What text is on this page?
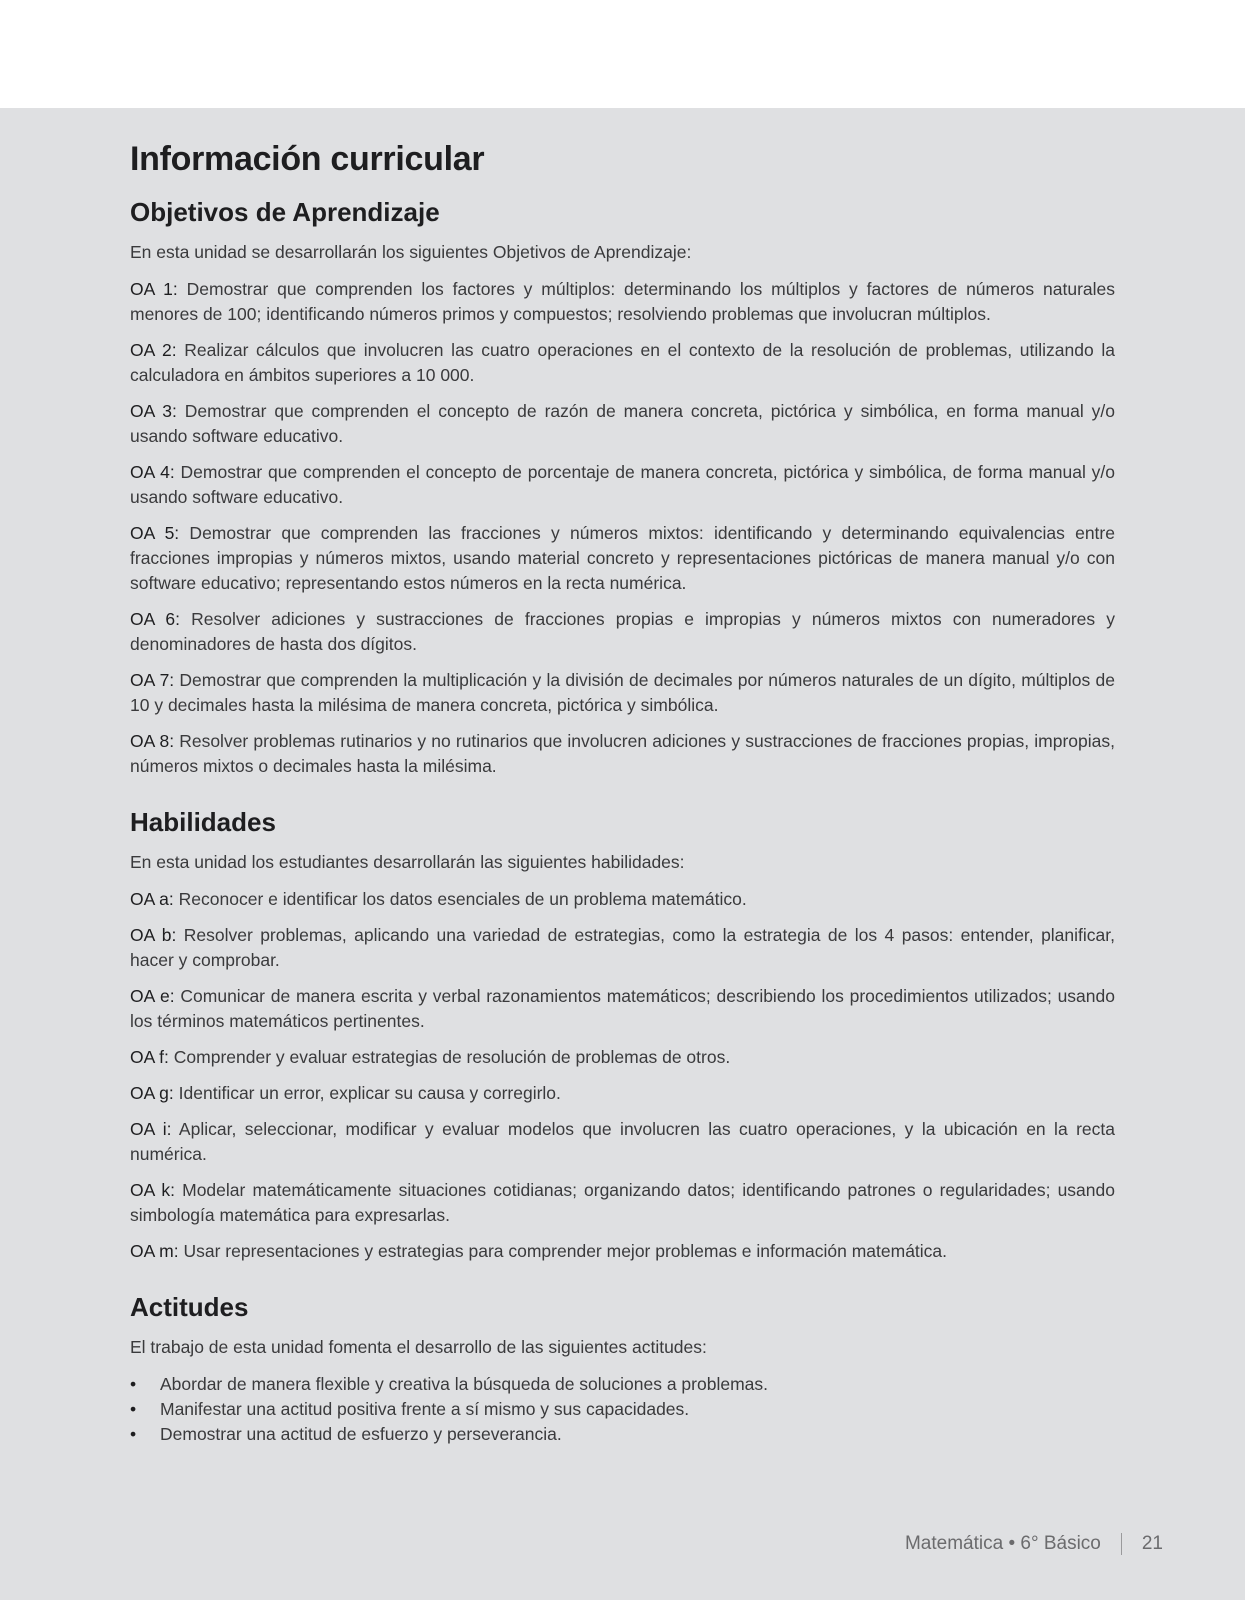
Información curricular
Objetivos de Aprendizaje

En esta unidad se desarrollarán los siguientes Objetivos de Aprendizaje:

OA 1: Demostrar que comprenden los factores y múltiplos: determinando los múltiplos y factores de números naturales menores de 100; identificando números primos y compuestos; resolviendo problemas que involucran múltiplos.

OA 2: Realizar cálculos que involucren las cuatro operaciones en el contexto de la resolución de problemas, utilizando la calculadora en ámbitos superiores a 10 000.

OA 3: Demostrar que comprenden el concepto de razón de manera concreta, pictórica y simbólica, en forma manual y/o usando software educativo.

OA 4: Demostrar que comprenden el concepto de porcentaje de manera concreta, pictórica y simbólica, de forma manual y/o usando software educativo.

OA 5: Demostrar que comprenden las fracciones y números mixtos: identificando y determinando equivalencias entre fracciones impropias y números mixtos, usando material concreto y representaciones pictóricas de manera manual y/o con software educativo; representando estos números en la recta numérica.

OA 6: Resolver adiciones y sustracciones de fracciones propias e impropias y números mixtos con numeradores y denominadores de hasta dos dígitos.

OA 7: Demostrar que comprenden la multiplicación y la división de decimales por números naturales de un dígito, múltiplos de 10 y decimales hasta la milésima de manera concreta, pictórica y simbólica.

OA 8: Resolver problemas rutinarios y no rutinarios que involucren adiciones y sustracciones de fracciones propias, impropias, números mixtos o decimales hasta la milésima.

Habilidades

En esta unidad los estudiantes desarrollarán las siguientes habilidades:

OA a: Reconocer e identificar los datos esenciales de un problema matemático.

OA b: Resolver problemas, aplicando una variedad de estrategias, como la estrategia de los 4 pasos: entender, planificar, hacer y comprobar.

OA e: Comunicar de manera escrita y verbal razonamientos matemáticos; describiendo los procedimientos utilizados; usando los términos matemáticos pertinentes.

OA f: Comprender y evaluar estrategias de resolución de problemas de otros.

OA g: Identificar un error, explicar su causa y corregirlo.

OA i: Aplicar, seleccionar, modificar y evaluar modelos que involucren las cuatro operaciones, y la ubicación en la recta numérica.

OA k: Modelar matemáticamente situaciones cotidianas; organizando datos; identificando patrones o regularidades; usando simbología matemática para expresarlas.

OA m: Usar representaciones y estrategias para comprender mejor problemas e información matemática.

Actitudes

El trabajo de esta unidad fomenta el desarrollo de las siguientes actitudes:

• Abordar de manera flexible y creativa la búsqueda de soluciones a problemas.
• Manifestar una actitud positiva frente a sí mismo y sus capacidades.
• Demostrar una actitud de esfuerzo y perseverancia.
Matemática • 6° Básico 21
